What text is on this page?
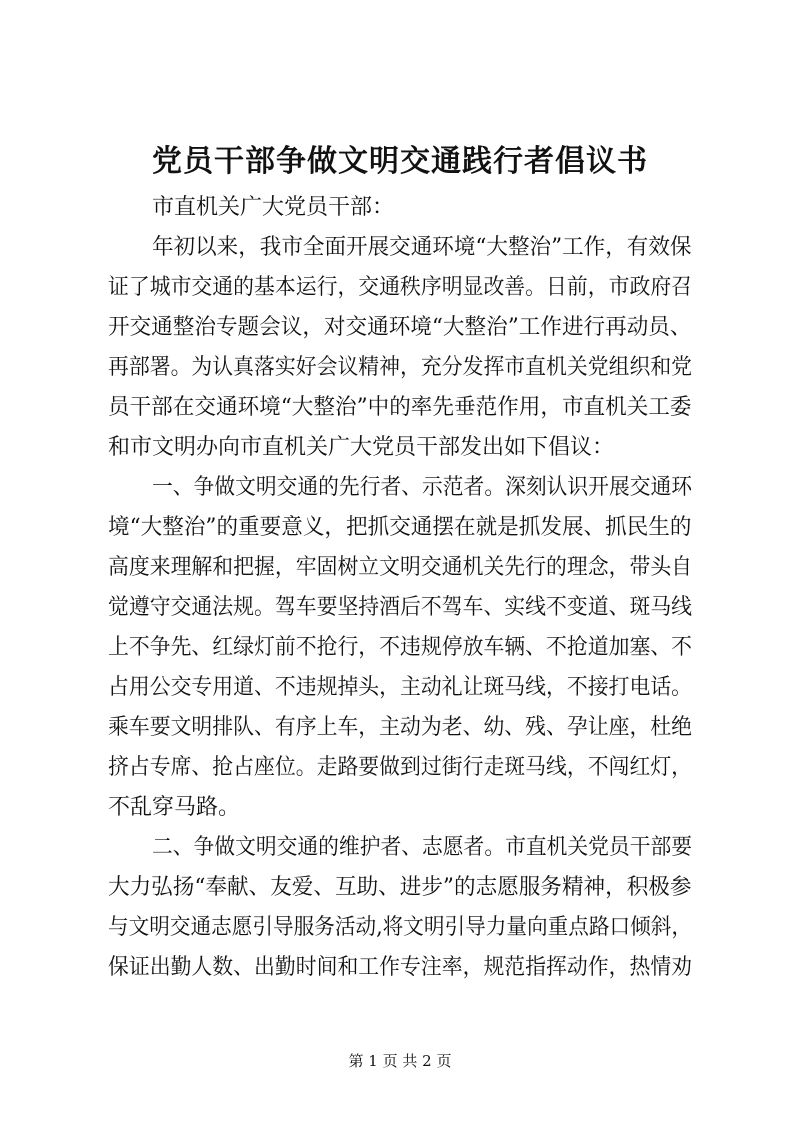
党员干部争做文明交通践行者倡议书
市直机关广大党员干部：
年初以来，我市全面开展交通环境“大整治”工作，有效保
证了城市交通的基本运行，交通秩序明显改善。日前，市政府召
开交通整治专题会议，对交通环境“大整治”工作进行再动员、
再部署。为认真落实好会议精神，充分发挥市直机关党组织和党
员干部在交通环境“大整治”中的率先垂范作用，市直机关工委
和市文明办向市直机关广大党员干部发出如下倡议：
一、争做文明交通的先行者、示范者。深刻认识开展交通环
境“大整治”的重要意义，把抓交通摆在就是抓发展、抓民生的
高度来理解和把握，牢固树立文明交通机关先行的理念，带头自
觉遵守交通法规。驾车要坚持酒后不驾车、实线不变道、斑马线
上不争先、红绿灯前不抢行，不违规停放车辆、不抢道加塞、不
占用公交专用道、不违规掉头，主动礼让斑马线，不接打电话。
乘车要文明排队、有序上车，主动为老、幼、残、孕让座，杜绝
挤占专席、抢占座位。走路要做到过街行走斑马线，不闯红灯，
不乱穿马路。
二、争做文明交通的维护者、志愿者。市直机关党员干部要
大力弘扬“奉献、友爱、互助、进步”的志愿服务精神，积极参
与文明交通志愿引导服务活动,将文明引导力量向重点路口倾斜，
保证出勤人数、出勤时间和工作专注率，规范指挥动作，热情劝
第 1 页 共 2 页
